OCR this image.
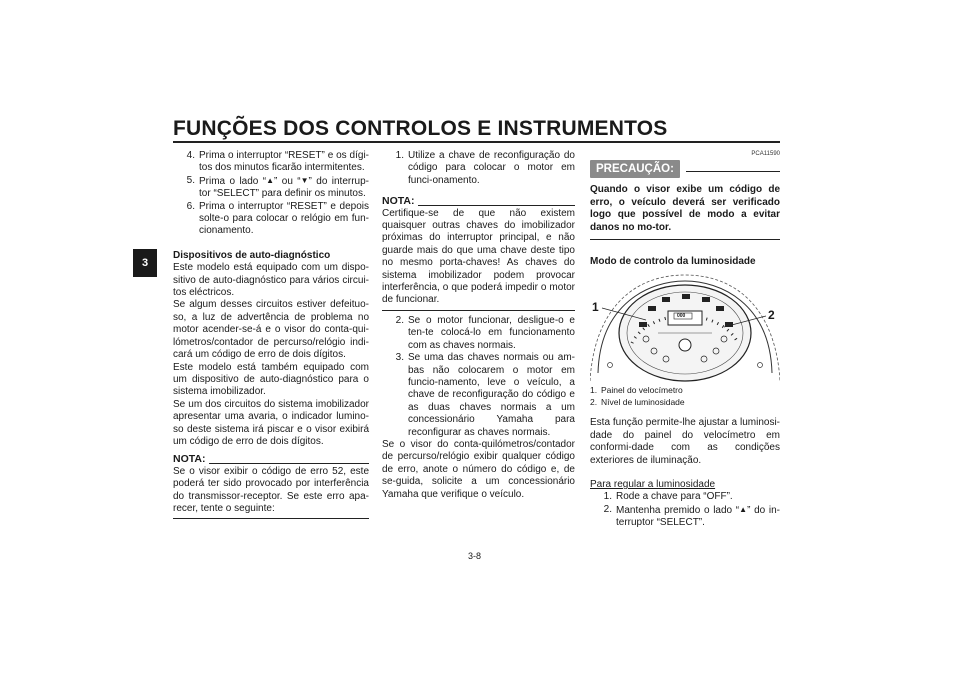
FUNÇÕES DOS CONTROLOS E INSTRUMENTOS
3
4. Prima o interruptor “RESET” e os dígi-tos dos minutos ficarão intermitentes.
5. Prima o lado “▲” ou “▼” do interrup-tor “SELECT” para definir os minutos.
6. Prima o interruptor “RESET” e depois solte-o para colocar o relógio em fun-cionamento.
Dispositivos de auto-diagnóstico
Este modelo está equipado com um dispo-sitivo de auto-diagnóstico para vários circui-tos eléctricos.
Se algum desses circuitos estiver defeituo-so, a luz de advertência de problema no motor acender-se-á e o visor do conta-qui-lómetros/contador de percurso/relógio indi-cará um código de erro de dois dígitos.
Este modelo está também equipado com um dispositivo de auto-diagnóstico para o sistema imobilizador.
Se um dos circuitos do sistema imobilizador apresentar uma avaria, o indicador lumino-so deste sistema irá piscar e o visor exibirá um código de erro de dois dígitos.
NOTA:
Se o visor exibir o código de erro 52, este poderá ter sido provocado por interferência do transmissor-receptor. Se este erro apa-recer, tente o seguinte:
1. Utilize a chave de reconfiguração do código para colocar o motor em funci-onamento.
NOTA:
Certifique-se de que não existem quaisquer outras chaves do imobilizador próximas do interruptor principal, e não guarde mais do que uma chave deste tipo no mesmo porta-chaves! As chaves do sistema imobilizador podem provocar interferência, o que poderá impedir o motor de funcionar.
2. Se o motor funcionar, desligue-o e ten-te colocá-lo em funcionamento com as chaves normais.
3. Se uma das chaves normais ou am-bas não colocarem o motor em funcio-namento, leve o veículo, a chave de reconfiguração do código e as duas chaves normais a um concessionário Yamaha para reconfigurar as chaves normais.
Se o visor do conta-quilómetros/contador de percurso/relógio exibir qualquer código de erro, anote o número do código e, de se-guida, solicite a um concessionário Yamaha que verifique o veículo.
PCA11590
PRECAUÇÃO:
Quando o visor exibe um código de erro, o veículo deverá ser verificado logo que possível de modo a evitar danos no mo-tor.
Modo de controlo da luminosidade
1
2
000
1. Painel do velocímetro
2. Nível de luminosidade
Esta função permite-lhe ajustar a luminosi-dade do painel do velocímetro em conformi-dade com as condições exteriores de iluminação.
Para regular a luminosidade
1. Rode a chave para “OFF”.
2. Mantenha premido o lado “▲” do in-terruptor “SELECT”.
3-8
